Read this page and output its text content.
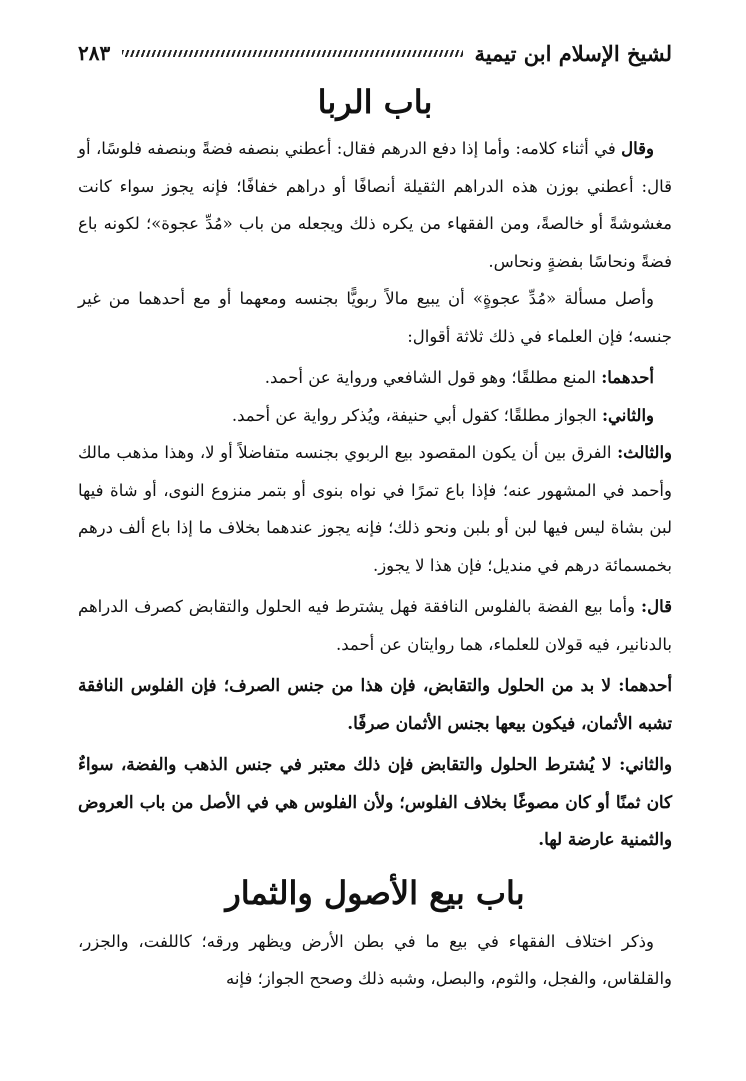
لشيخ الإسلام ابن تيمية
٢٨٣
باب الربا

وقال في أثناء كلامه: وأما إذا دفع الدرهم فقال: أعطني بنصفه فضةً وبنصفه فلوسًا، أو قال: أعطني بوزن هذه الدراهم الثقيلة أنصافًا أو دراهم خفافًا؛ فإنه يجوز سواء كانت مغشوشةً أو خالصةً، ومن الفقهاء من يكره ذلك ويجعله من باب «مُدِّ عجوة»؛ لكونه باع فضةً ونحاسًا بفضةٍ ونحاس.

وأصل مسألة «مُدِّ عجوةٍ» أن يبيع مالاً ربويًّا بجنسه ومعهما أو مع أحدهما من غير جنسه؛ فإن العلماء في ذلك ثلاثة أقوال:

أحدهما: المنع مطلقًا؛ وهو قول الشافعي ورواية عن أحمد.

والثاني: الجواز مطلقًا؛ كقول أبي حنيفة، ويُذكر رواية عن أحمد.

والثالث: الفرق بين أن يكون المقصود بيع الربوي بجنسه متفاضلاً أو لا، وهذا مذهب مالك وأحمد في المشهور عنه؛ فإذا باع تمرًا في نواه بنوى أو بتمر منزوع النوى، أو شاة فيها لبن بشاة ليس فيها لبن أو بلبن ونحو ذلك؛ فإنه يجوز عندهما بخلاف ما إذا باع ألف درهم بخمسمائة درهم في منديل؛ فإن هذا لا يجوز.

قال: وأما بيع الفضة بالفلوس النافقة فهل يشترط فيه الحلول والتقابض كصرف الدراهم بالدنانير، فيه قولان للعلماء، هما روايتان عن أحمد.

أحدهما: لا بد من الحلول والتقابض، فإن هذا من جنس الصرف؛ فإن الفلوس النافقة تشبه الأثمان، فيكون بيعها بجنس الأثمان صرفًا.

والثاني: لا يُشترط الحلول والتقابض فإن ذلك معتبر في جنس الذهب والفضة، سواءٌ كان ثمنًا أو كان مصوغًا بخلاف الفلوس؛ ولأن الفلوس هي في الأصل من باب العروض والثمنية عارضة لها.

باب بيع الأصول والثمار

وذكر اختلاف الفقهاء في بيع ما في بطن الأرض ويظهر ورقه؛ كاللفت، والجزر، والقلقاس، والفجل، والثوم، والبصل، وشبه ذلك وصحح الجواز؛ فإنه
